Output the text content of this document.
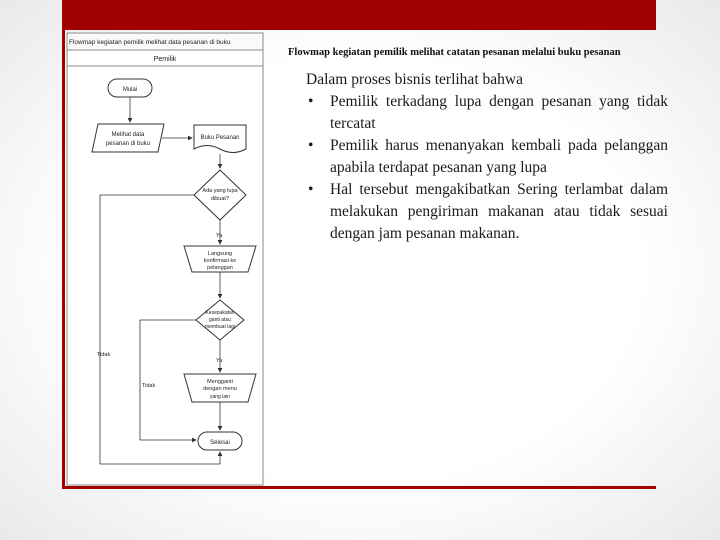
Flowmap kegiatan pemilik melihat data pesanan di buku
Pemilik
Mulai
Melihat data
pesanan di buku
Buku Pesanan
Ada yang lupa
dibuat?
Ya
Langsung
konfirmasi ke
pelanggan
Kesepakatan
ganti atau
membuat lagi
Ya
Mengganti
dengan menu
yang lain
Selesai
Tidak
Tidak
Flowmap kegiatan pemilik melihat catatan pesanan melalui buku pesanan

Dalam proses bisnis terlihat bahwa

• Pemilik terkadang lupa dengan pesanan yang tidak tercatat
• Pemilik harus menanyakan kembali pada pelanggan apabila terdapat pesanan yang lupa
• Hal tersebut mengakibatkan Sering terlambat dalam melakukan pengiriman makanan atau tidak sesuai dengan jam pesanan makanan.
